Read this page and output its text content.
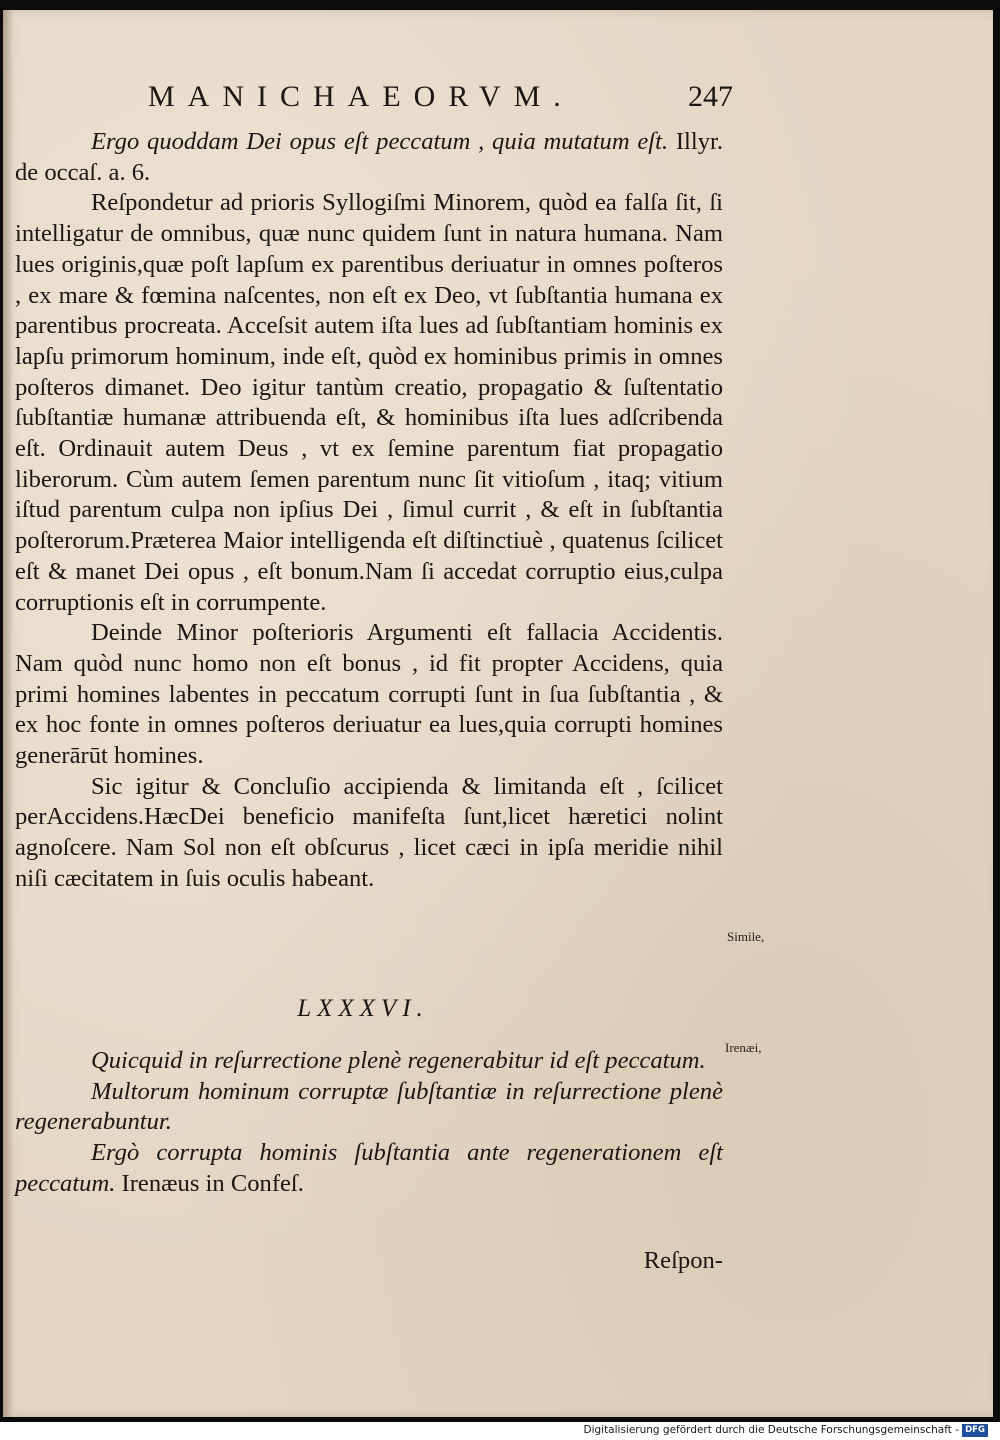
MANICHAEORVM.	247

Ergo quoddam Dei opus eſt peccatum , quia mutatum eſt. Illyr. de occaſ. a. 6.

Reſpondetur ad prioris Syllogiſmi Minorem, quòd ea falſa ſit, ſi intelligatur de omnibus, quæ nunc quidem ſunt in natura humana. Nam lues originis,quæ poſt lapſum ex parentibus deriuatur in omnes poſteros , ex mare & fœmina naſcentes, non eſt ex Deo, vt ſubſtantia humana ex parentibus procreata. Acceſsit autem iſta lues ad ſubſtantiam hominis ex lapſu primorum hominum, inde eſt, quòd ex hominibus primis in omnes poſteros dimanet. Deo igitur tantùm creatio, propagatio & ſuſtentatio ſubſtantiæ humanæ attribuenda eſt, & hominibus iſta lues adſcribenda eſt. Ordinauit autem Deus , vt ex ſemine parentum fiat propagatio liberorum. Cùm autem ſemen parentum nunc ſit vitioſum , itaq; vitium iſtud parentum culpa non ipſius Dei , ſimul currit , & eſt in ſubſtantia poſterorum.Præterea Maior intelligenda eſt diſtinctiuè , quatenus ſcilicet eſt & manet Dei opus , eſt bonum.Nam ſi accedat corruptio eius,culpa corruptionis eſt in corrumpente.

Deinde Minor poſterioris Argumenti eſt fallacia Accidentis. Nam quòd nunc homo non eſt bonus , id fit propter Accidens, quia primi homines labentes in peccatum corrupti ſunt in ſua ſubſtantia , & ex hoc fonte in omnes poſteros deriuatur ea lues,quia corrupti homines generārūt homines.

Sic igitur & Concluſio accipienda & limitanda eſt , ſcilicet perAccidens.HæcDei beneficio manifeſta ſunt,licet hæretici nolint agnoſcere. Nam Sol non eſt obſcurus , licet cæci in ipſa meridie nihil niſi cæcitatem in ſuis oculis habeant.

LXXXVI.

Quicquid in reſurrectione plenè regenerabitur id eſt peccatum.

Multorum hominum corruptæ ſubſtantiæ in reſurrectione plenè regenerabuntur.

Ergò corrupta hominis ſubſtantia ante regenerationem eſt peccatum. Irenæus in Confeſ.

Reſpon-
Simile,
Irenæi,
Digitalisierung gefördert durch die Deutsche Forschungsgemeinschaft - DFG
